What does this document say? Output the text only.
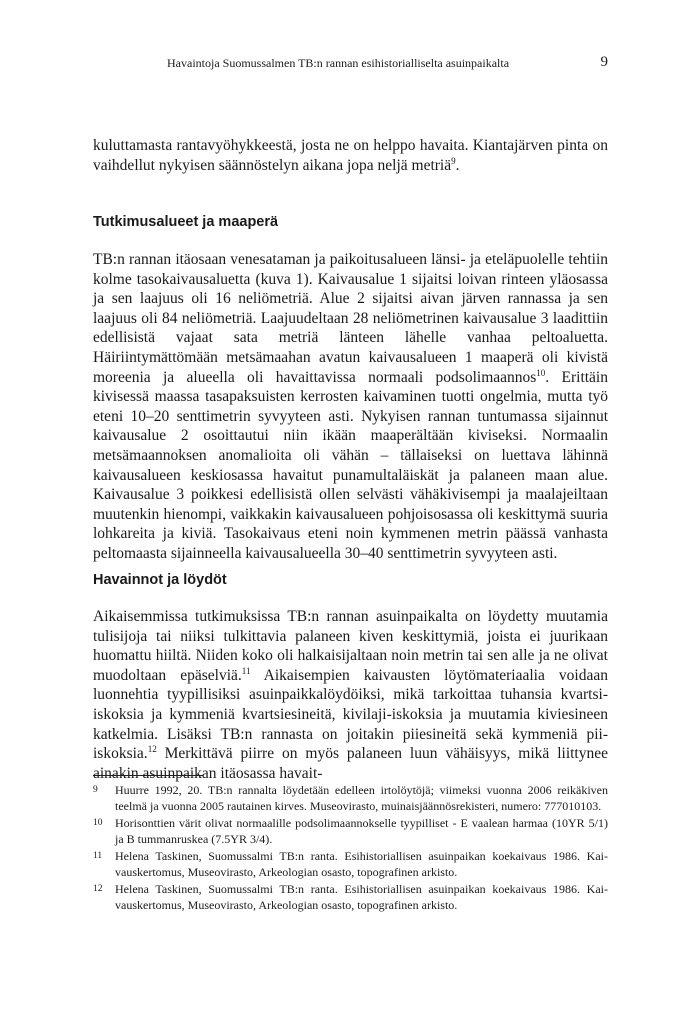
Havaintoja Suomussalmen TB:n rannan esihistorialliselta asuinpaikalta	9

kuluttamasta rantavyöhykkeestä, josta ne on helppo havaita. Kiantajärven pinta on vaihdellut nykyisen säännöstelyn aikana jopa neljä metriä$^9$.

Tutkimusalueet ja maaperä

TB:n rannan itäosaan venesataman ja paikoitusalueen länsi- ja eteläpuolelle tehtiin kolme tasokaivausaluetta (kuva 1). Kaivausalue 1 sijaitsi loivan rinteen yläosassa ja sen laajuus oli 16 neliömetriä. Alue 2 sijaitsi aivan järven rannassa ja sen laajuus oli 84 neliömetriä. Laajuudeltaan 28 neliömetrinen kaivausalue 3 laadittiin edellisistä vajaat sata metriä länteen lähelle vanhaa peltoaluetta. Häiriintymättömään metsämaahan avatun kaivausalueen 1 maaperä oli kivistä moreenia ja alueella oli havaittavissa normaali podsolimaannos$^{10}$. Erittäin kivisessä maassa tasapaksuisten kerrosten kaivaminen tuotti ongelmia, mutta työ eteni 10–20 senttimetrin syvyyteen asti. Nykyisen rannan tuntumassa sijainnut kaivausalue 2 osoittautui niin ikään maaperältään kiviseksi. Normaalin metsämaannoksen anomalioita oli vähän – tällaiseksi on luettava lähinnä kaivausalueen keskiosassa havaitut punamultaläiskät ja palaneen maan alue. Kaivausalue 3 poikkesi edellisistä ollen selvästi vähäkivisempi ja maalajeiltaan muutenkin hienompi, vaikkakin kaivausalueen pohjoisosassa oli keskittymä suuria lohkareita ja kiviä. Tasokaivaus eteni noin kymmenen metrin päässä vanhasta peltomaasta sijainneella kaivausalueella 30–40 senttimetrin syvyyteen asti.

Havainnot ja löydöt

Aikaisemmissa tutkimuksissa TB:n rannan asuinpaikalta on löydetty muutamia tulisijoja tai niiksi tulkittavia palaneen kiven keskittymiä, joista ei juurikaan huomattu hiiltä. Niiden koko oli halkaisijaltaan noin metrin tai sen alle ja ne olivat muodoltaan epäselviä.$^{11}$ Aikaisempien kaivausten löytömateriaalia voidaan luonnehtia tyypillisiksi asuinpaikkalöydöiksi, mikä tarkoittaa tuhansia kvartsi-iskoksia ja kymmeniä kvartsiesineitä, kivilaji-iskoksia ja muutamia kiviesineen katkelmia. Lisäksi TB:n rannasta on joitakin piiesineitä sekä kymmeniä pii-iskoksia.$^{12}$ Merkittävä piirre on myös palaneen luun vähäisyys, mikä liittynee ainakin asuinpaikan itäosassa havait-

9 Huurre 1992, 20. TB:n rannalta löydetään edelleen irtolöytöjä; viimeksi vuonna 2006 reikäkiven teelmä ja vuonna 2005 rautainen kirves. Museovirasto, muinaisjäännösrekisteri, numero: 777010103.
10 Horisonttien värit olivat normaalille podsolimaannokselle tyypilliset - E vaalean harmaa (10YR 5/1) ja B tummanruskea (7.5YR 3/4).
11 Helena Taskinen, Suomussalmi TB:n ranta. Esihistoriallisen asuinpaikan koekaivaus 1986. Kaivauskertomus, Museovirasto, Arkeologian osasto, topografinen arkisto.
12 Helena Taskinen, Suomussalmi TB:n ranta. Esihistoriallisen asuinpaikan koekaivaus 1986. Kaivauskertomus, Museovirasto, Arkeologian osasto, topografinen arkisto.
